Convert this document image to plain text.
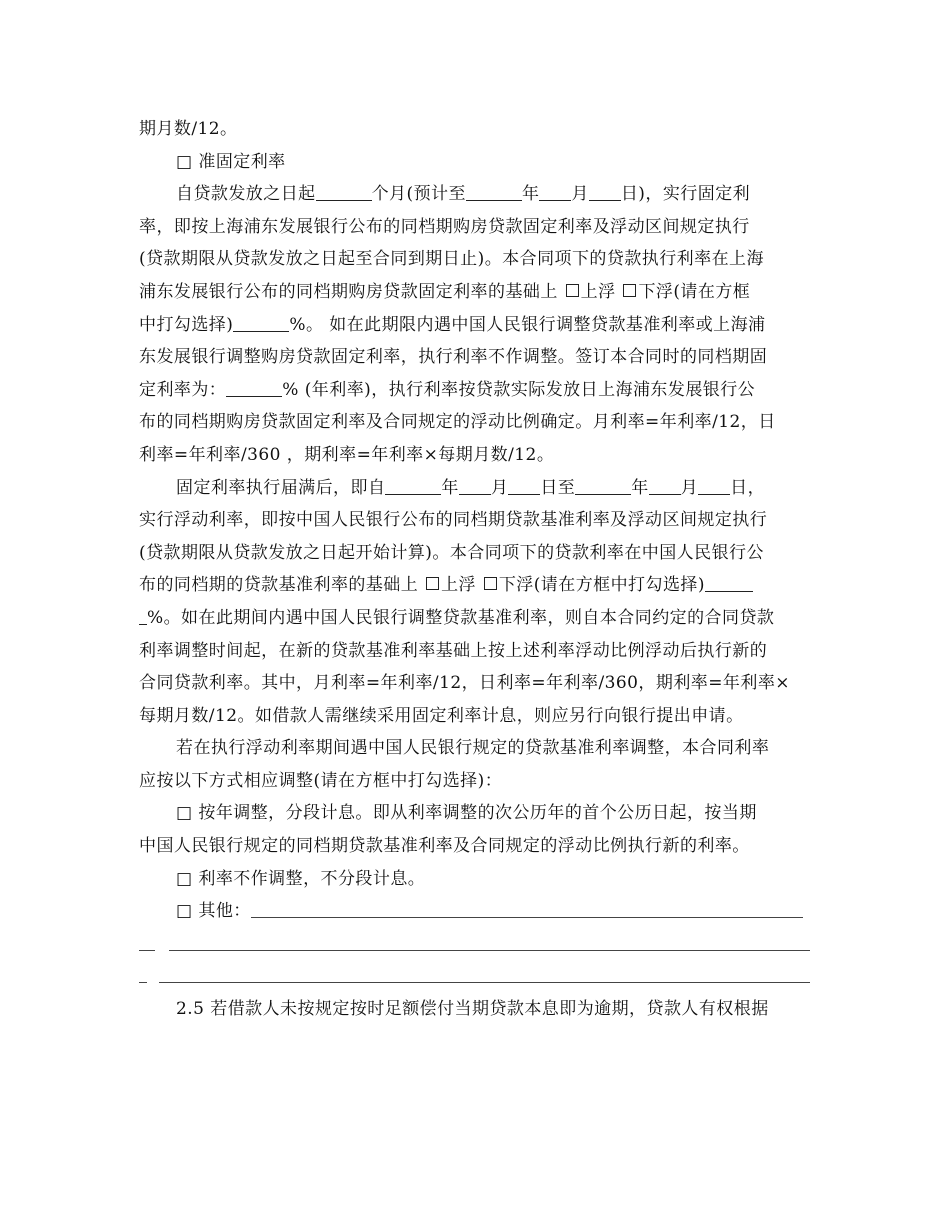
期月数/12。
□ 准固定利率
自贷款发放之日起	个月(预计至	年 月 日)，实行固定利
率，即按上海浦东发展银行公布的同档期购房贷款固定利率及浮动区间规定执行
(贷款期限从贷款发放之日起至合同到期日止)。本合同项下的贷款执行利率在上海
浦东发展银行公布的同档期购房贷款固定利率的基础上 上浮 下浮(请在方框
中打勾选择)	%。 如在此期限内遇中国人民银行调整贷款基准利率或上海浦
东发展银行调整购房贷款固定利率，执行利率不作调整。签订本合同时的同档期固
定利率为：	% (年利率)，执行利率按贷款实际发放日上海浦东发展银行公
布的同档期购房贷款固定利率及合同规定的浮动比例确定。月利率=年利率/12，日
利率=年利率/360 ，期利率=年利率×每期月数/12。
固定利率执行届满后，即自	年 月 日至	年 月 日，
实行浮动利率，即按中国人民银行公布的同档期贷款基准利率及浮动区间规定执行
(贷款期限从贷款发放之日起开始计算)。本合同项下的贷款利率在中国人民银行公
布的同档期的贷款基准利率的基础上 上浮 下浮(请在方框中打勾选择)
%。如在此期间内遇中国人民银行调整贷款基准利率，则自本合同约定的合同贷款
利率调整时间起，在新的贷款基准利率基础上按上述利率浮动比例浮动后执行新的
合同贷款利率。其中，月利率=年利率/12，日利率=年利率/360，期利率=年利率×
每期月数/12。如借款人需继续采用固定利率计息，则应另行向银行提出申请。
若在执行浮动利率期间遇中国人民银行规定的贷款基准利率调整，本合同利率
应按以下方式相应调整(请在方框中打勾选择)：
□ 按年调整，分段计息。即从利率调整的次公历年的首个公历日起，按当期
中国人民银行规定的同档期贷款基准利率及合同规定的浮动比例执行新的利率。
□ 利率不作调整，不分段计息。
□ 其他：
2.5 若借款人未按规定按时足额偿付当期贷款本息即为逾期，贷款人有权根据
